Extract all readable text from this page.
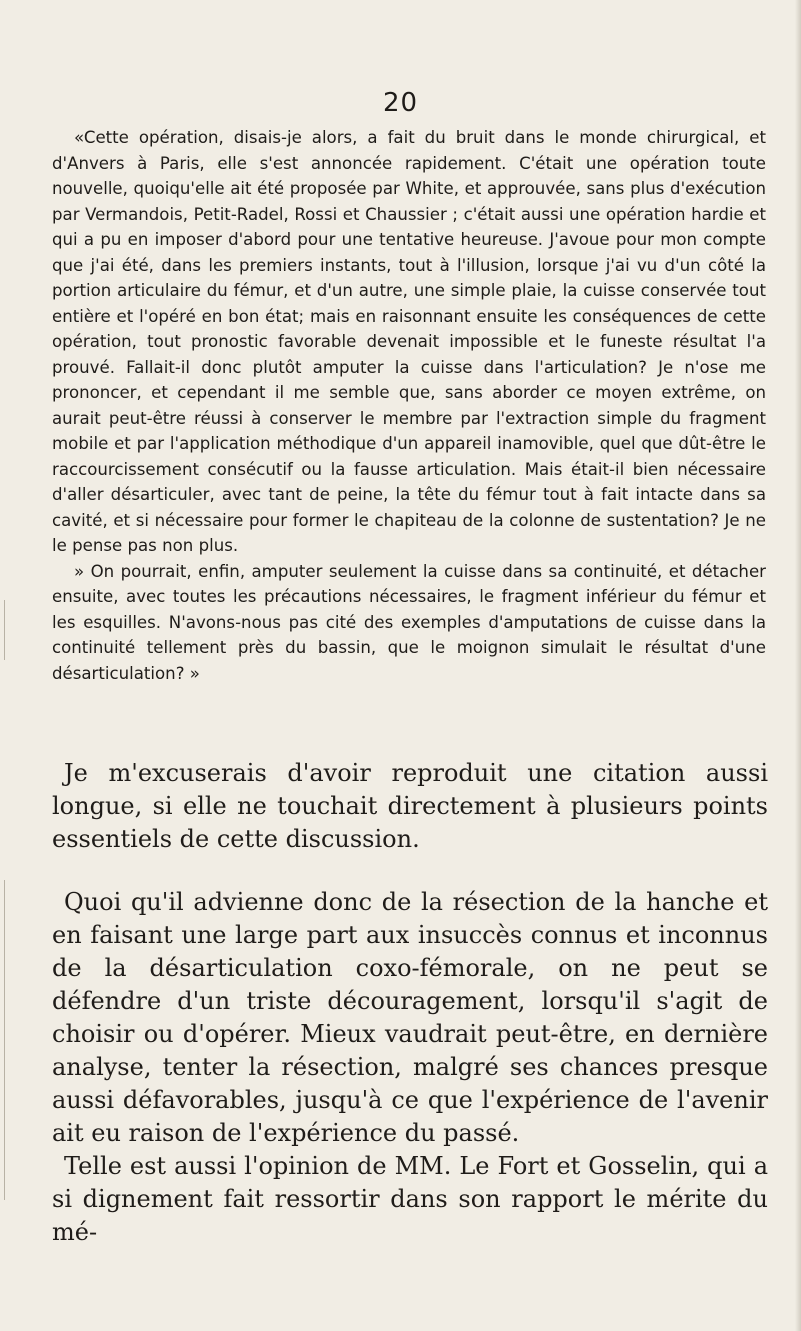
20

«Cette opération, disais-je alors, a fait du bruit dans le monde chirurgical, et d'Anvers à Paris, elle s'est annoncée rapidement. C'était une opération toute nouvelle, quoiqu'elle ait été proposée par White, et approuvée, sans plus d'exécution par Vermandois, Petit-Radel, Rossi et Chaussier ; c'était aussi une opération hardie et qui a pu en imposer d'abord pour une tentative heureuse. J'avoue pour mon compte que j'ai été, dans les premiers instants, tout à l'illusion, lorsque j'ai vu d'un côté la portion articulaire du fémur, et d'un autre, une simple plaie, la cuisse conservée tout entière et l'opéré en bon état; mais en raisonnant ensuite les conséquences de cette opération, tout pronostic favorable devenait impossible et le funeste résultat l'a prouvé. Fallait-il donc plutôt amputer la cuisse dans l'articulation? Je n'ose me prononcer, et cependant il me semble que, sans aborder ce moyen extrême, on aurait peut-être réussi à conserver le membre par l'extraction simple du fragment mobile et par l'application méthodique d'un appareil inamovible, quel que dût-être le raccourcissement consécutif ou la fausse articulation. Mais était-il bien nécessaire d'aller désarticuler, avec tant de peine, la tête du fémur tout à fait intacte dans sa cavité, et si nécessaire pour former le chapiteau de la colonne de sustentation? Je ne le pense pas non plus.

» On pourrait, enfin, amputer seulement la cuisse dans sa continuité, et détacher ensuite, avec toutes les précautions nécessaires, le fragment inférieur du fémur et les esquilles. N'avons-nous pas cité des exemples d'amputations de cuisse dans la continuité tellement près du bassin, que le moignon simulait le résultat d'une désarticulation? »

Je m'excuserais d'avoir reproduit une citation aussi longue, si elle ne touchait directement à plusieurs points essentiels de cette discussion.

Quoi qu'il advienne donc de la résection de la hanche et en faisant une large part aux insuccès connus et inconnus de la désarticulation coxo-fémorale, on ne peut se défendre d'un triste découragement, lorsqu'il s'agit de choisir ou d'opérer. Mieux vaudrait peut-être, en dernière analyse, tenter la résection, malgré ses chances presque aussi défavorables, jusqu'à ce que l'expérience de l'avenir ait eu raison de l'expérience du passé.

Telle est aussi l'opinion de MM. Le Fort et Gosselin, qui a si dignement fait ressortir dans son rapport le mérite du mé-
